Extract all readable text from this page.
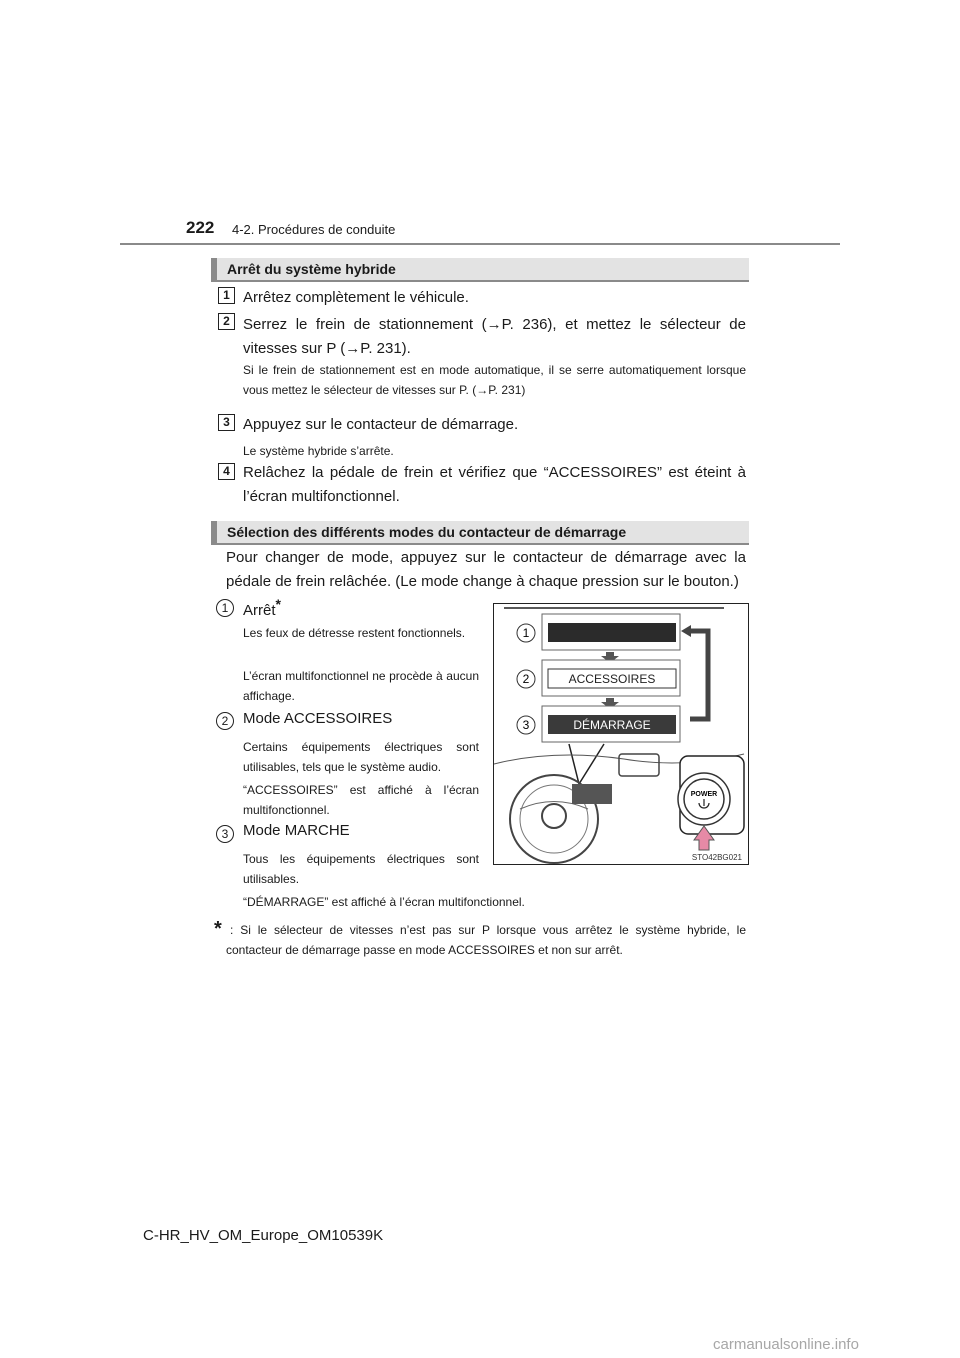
222 4-2. Procédures de conduite
Arrêt du système hybride
1 Arrêtez complètement le véhicule.
2 Serrez le frein de stationnement (→P. 236), et mettez le sélecteur de vitesses sur P (→P. 231).
Si le frein de stationnement est en mode automatique, il se serre automatiquement lorsque vous mettez le sélecteur de vitesses sur P. (→P. 231)
3 Appuyez sur le contacteur de démarrage.
Le système hybride s’arrête.
4 Relâchez la pédale de frein et vérifiez que “ACCESSOIRES” est éteint à l’écran multifonctionnel.
Sélection des différents modes du contacteur de démarrage
Pour changer de mode, appuyez sur le contacteur de démarrage avec la pédale de frein relâchée. (Le mode change à chaque pression sur le bouton.)
1 Arrêt*
Les feux de détresse restent fonctionnels.
L’écran multifonctionnel ne procède à aucun affichage.
2 Mode ACCESSOIRES
Certains équipements électriques sont utilisables, tels que le système audio.
“ACCESSOIRES” est affiché à l’écran multifonctionnel.
3 Mode MARCHE
Tous les équipements électriques sont utilisables.
“DÉMARRAGE” est affiché à l’écran multifonctionnel.
* : Si le sélecteur de vitesses n’est pas sur P lorsque vous arrêtez le système hybride, le contacteur de démarrage passe en mode ACCESSOIRES et non sur arrêt.
ACCESSOIRES
DÉMARRAGE
1
2
3
POWER
STO42BG021
C-HR_HV_OM_Europe_OM10539K
carmanualsonline.info
